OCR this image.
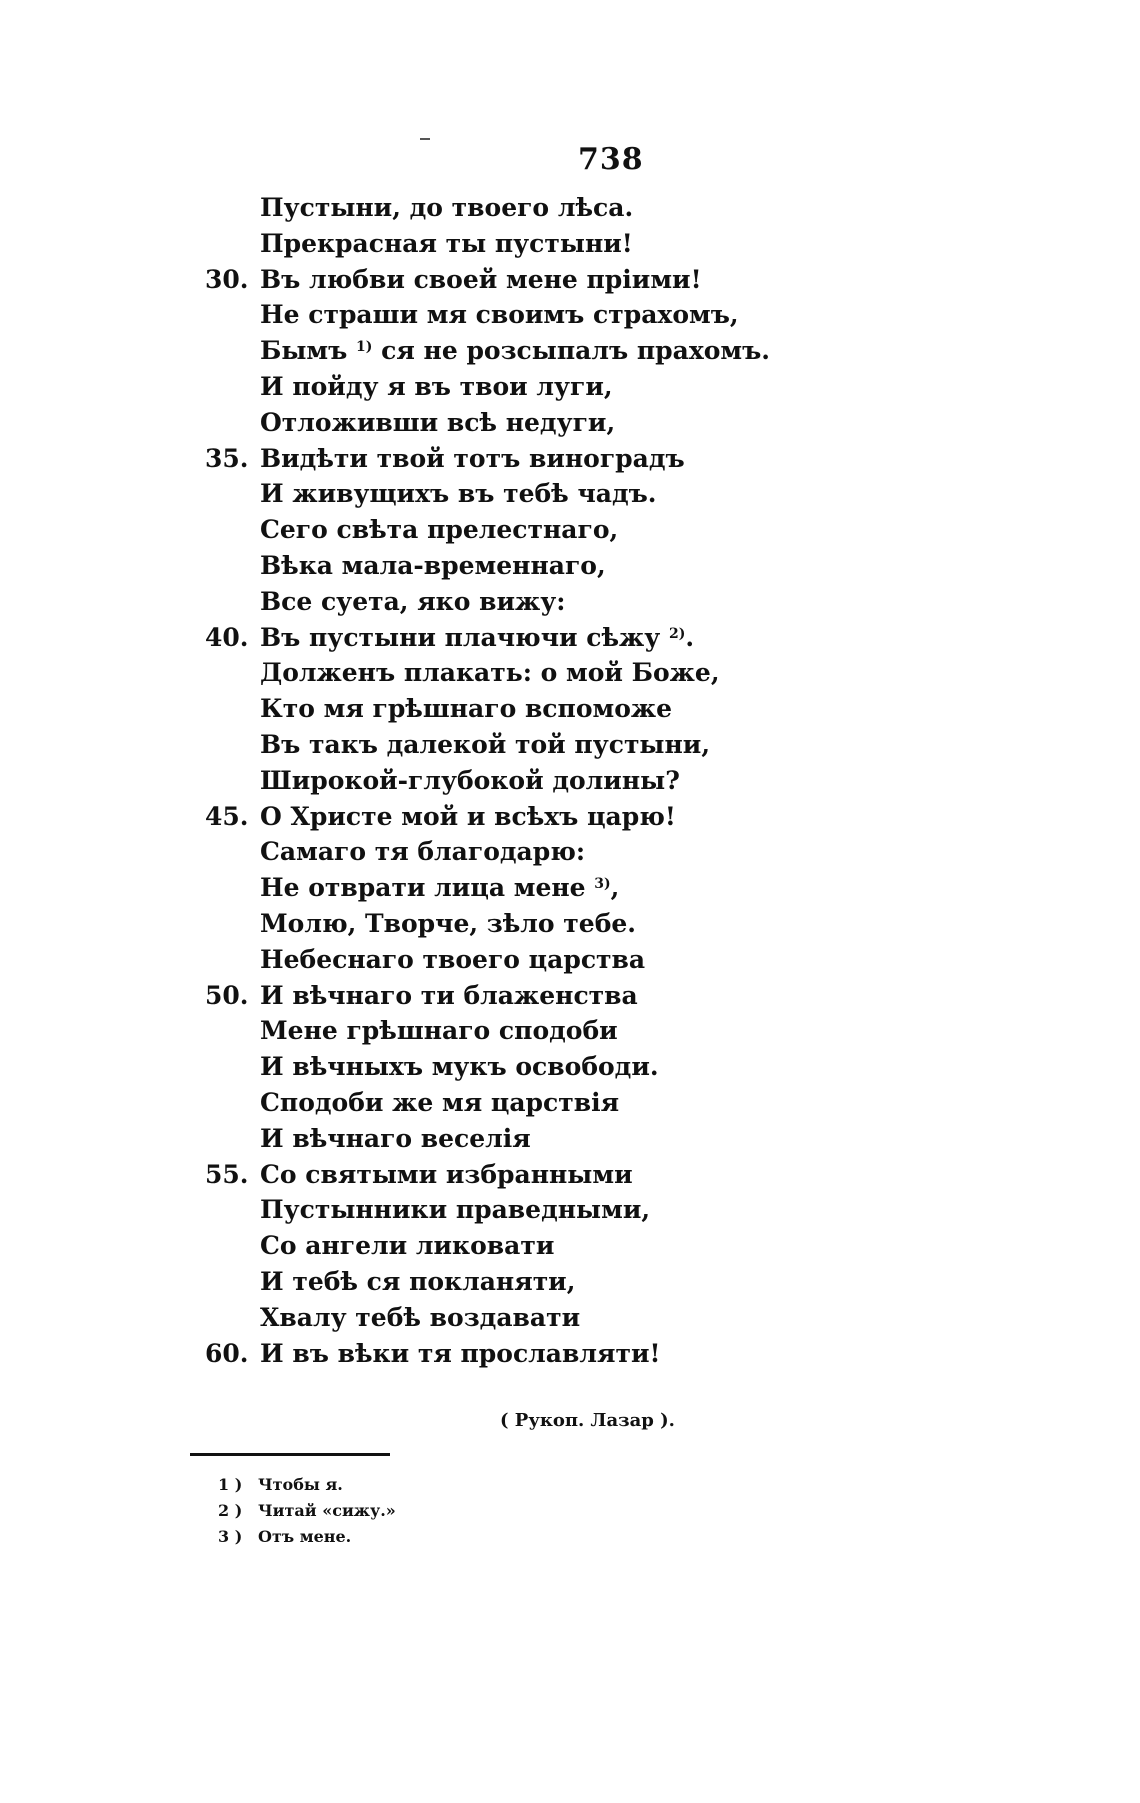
738
Пустыни, до твоего лѣса.
Прекрасная ты пустыни!
30. Въ любви своей мене пріими!
Не страши мя своимъ страхомъ,
Бымъ $^{1)}$ ся не розсыпалъ прахомъ.
И пойду я въ твои луги,
Отложивши всѣ недуги,
35. Видѣти твой тотъ виноградъ
И живущихъ въ тебѣ чадъ.
Сего свѣта прелестнаго,
Вѣка мала-временнаго,
Все суета, яко вижу:
40. Въ пустыни плачючи сѣжу $^{2)}$.
Долженъ плакать: о мой Боже,
Кто мя грѣшнаго вспоможе
Въ такъ далекой той пустыни,
Широкой-глубокой долины?
45. О Христе мой и всѣхъ царю!
Самаго тя благодарю:
Не отврати лица мене $^{3)}$,
Молю, Творче, зѣло тебе.
Небеснаго твоего царства
50. И вѣчнаго ти блаженства
Мене грѣшнаго сподоби
И вѣчныхъ мукъ освободи.
Сподоби же мя царствія
И вѣчнаго веселія
55. Со святыми избранными
Пустынники праведными,
Со ангели ликовати
И тебѣ ся покланяти,
Хвалу тебѣ воздавати
60. И въ вѣки тя прославляти!
( Рукоп. Лазар ).
1 ) Чтобы я.
2 ) Читай «сижу.»
3 ) Отъ мене.
